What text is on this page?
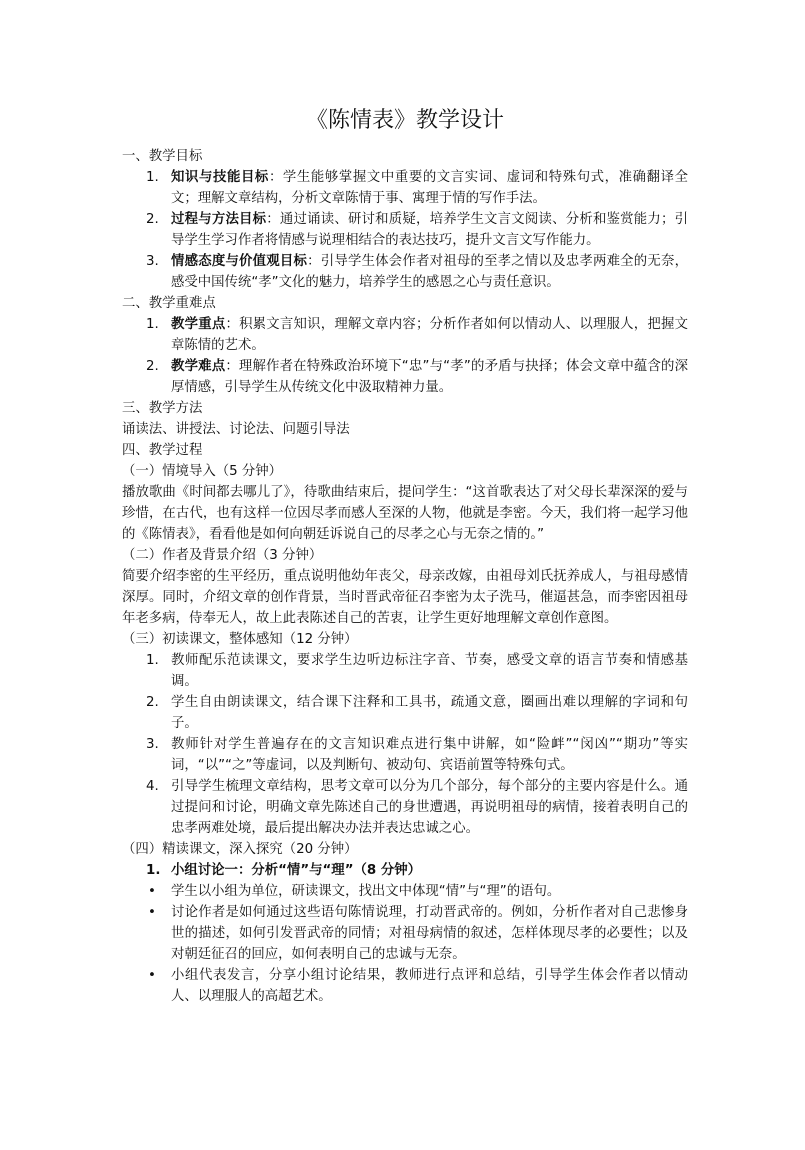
《陈情表》教学设计
一、教学目标
1. 知识与技能目标：学生能够掌握文中重要的文言实词、虚词和特殊句式，准确翻译全文；理解文章结构，分析文章陈情于事、寓理于情的写作手法。
2. 过程与方法目标：通过诵读、研讨和质疑，培养学生文言文阅读、分析和鉴赏能力；引导学生学习作者将情感与说理相结合的表达技巧，提升文言文写作能力。
3. 情感态度与价值观目标：引导学生体会作者对祖母的至孝之情以及忠孝两难全的无奈，感受中国传统“孝”文化的魅力，培养学生的感恩之心与责任意识。
二、教学重难点
1. 教学重点：积累文言知识，理解文章内容；分析作者如何以情动人、以理服人，把握文章陈情的艺术。
2. 教学难点：理解作者在特殊政治环境下“忠”与“孝”的矛盾与抉择；体会文章中蕴含的深厚情感，引导学生从传统文化中汲取精神力量。
三、教学方法
诵读法、讲授法、讨论法、问题引导法
四、教学过程
（一）情境导入（5 分钟）
播放歌曲《时间都去哪儿了》，待歌曲结束后，提问学生：“这首歌表达了对父母长辈深深的爱与珍惜，在古代，也有这样一位因尽孝而感人至深的人物，他就是李密。今天，我们将一起学习他的《陈情表》，看看他是如何向朝廷诉说自己的尽孝之心与无奈之情的。”
（二）作者及背景介绍（3 分钟）
简要介绍李密的生平经历，重点说明他幼年丧父，母亲改嫁，由祖母刘氏抚养成人，与祖母感情深厚。同时，介绍文章的创作背景，当时晋武帝征召李密为太子洗马，催逼甚急，而李密因祖母年老多病，侍奉无人，故上此表陈述自己的苦衷，让学生更好地理解文章创作意图。
（三）初读课文，整体感知（12 分钟）
1. 教师配乐范读课文，要求学生边听边标注字音、节奏，感受文章的语言节奏和情感基调。
2. 学生自由朗读课文，结合课下注释和工具书，疏通文意，圈画出难以理解的字词和句子。
3. 教师针对学生普遍存在的文言知识难点进行集中讲解，如“险衅”“闵凶”“期功”等实词，“以”“之”等虚词，以及判断句、被动句、宾语前置等特殊句式。
4. 引导学生梳理文章结构，思考文章可以分为几个部分，每个部分的主要内容是什么。通过提问和讨论，明确文章先陈述自己的身世遭遇，再说明祖母的病情，接着表明自己的忠孝两难处境，最后提出解决办法并表达忠诚之心。
（四）精读课文，深入探究（20 分钟）
1. 小组讨论一：分析“情”与“理”（8 分钟）
• 学生以小组为单位，研读课文，找出文中体现“情”与“理”的语句。
• 讨论作者是如何通过这些语句陈情说理，打动晋武帝的。例如，分析作者对自己悲惨身世的描述，如何引发晋武帝的同情；对祖母病情的叙述，怎样体现尽孝的必要性；以及对朝廷征召的回应，如何表明自己的忠诚与无奈。
• 小组代表发言，分享小组讨论结果，教师进行点评和总结，引导学生体会作者以情动人、以理服人的高超艺术。
